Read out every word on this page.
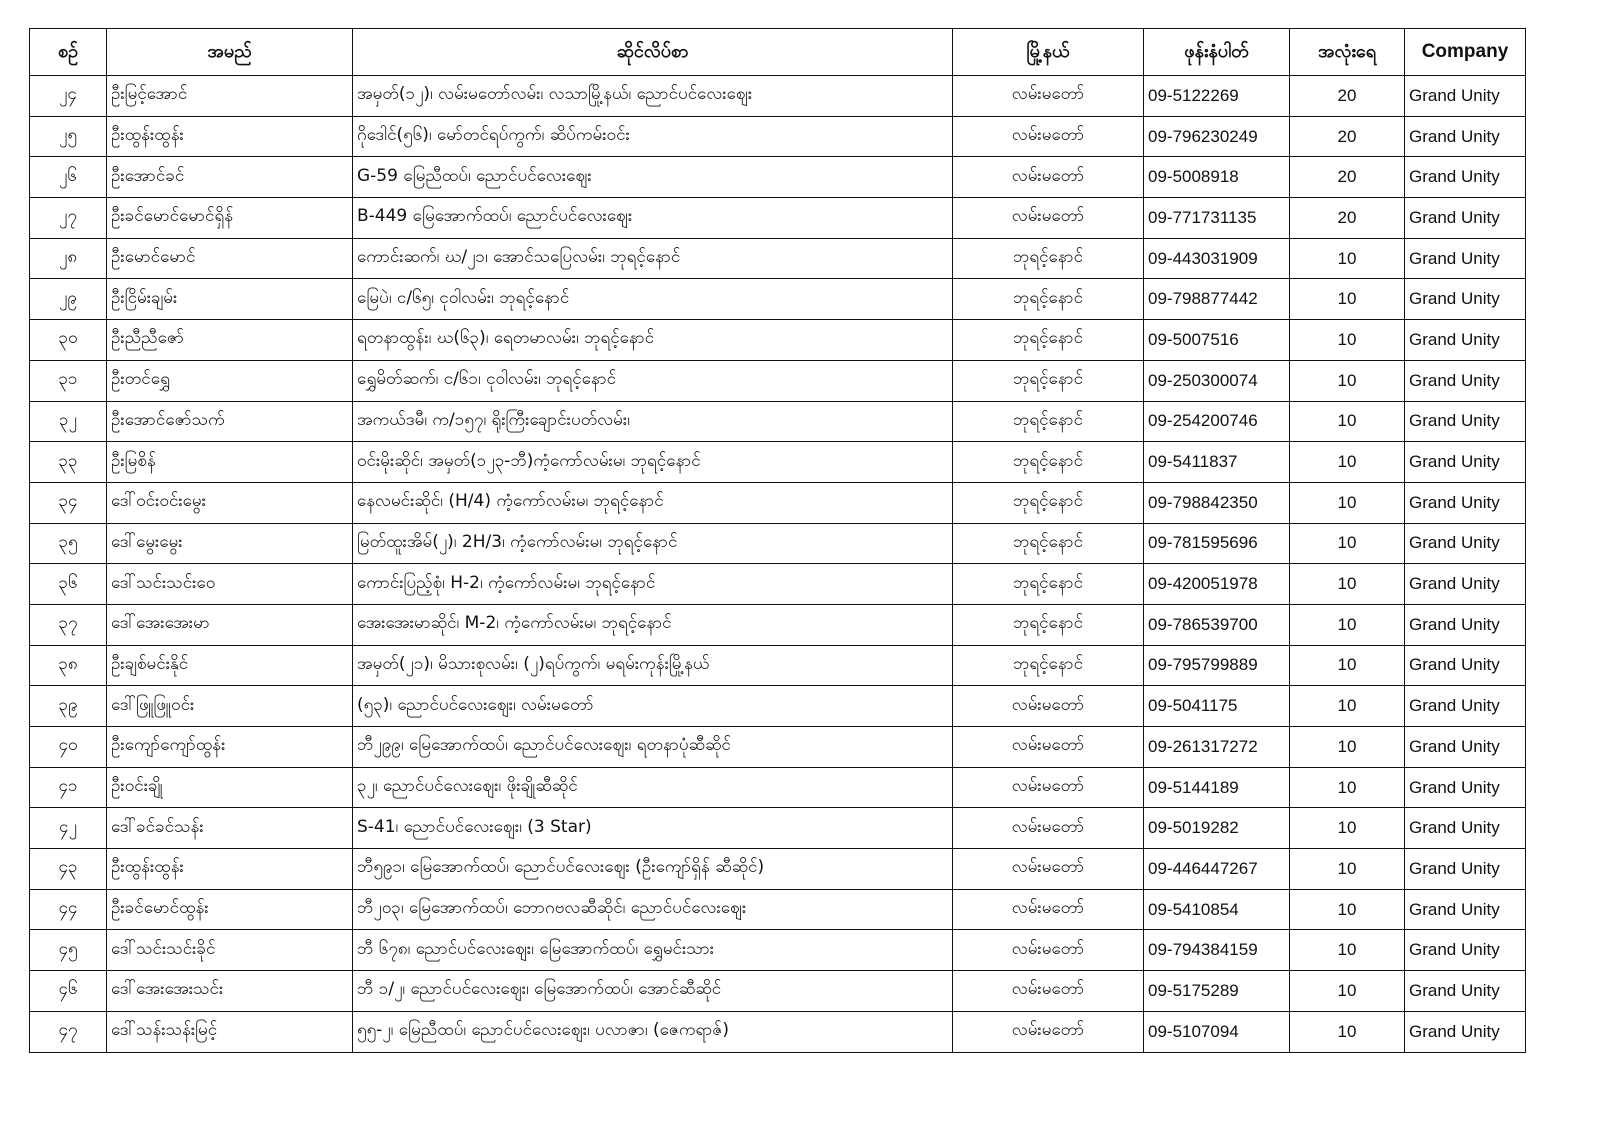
စဥ်	အမည်	ဆိုင်လိပ်စာ	မြို့နယ်	ဖုန်းနံပါတ်	အလုံးရေ	Company
၂၄	ဦးမြင့်အောင်	အမှတ်(၁၂)၊ လမ်းမတော်လမ်း၊ လသာမြို့နယ်၊ ညောင်ပင်လေးဈေး	လမ်းမတော်	09-5122269	20	Grand Unity
၂၅	ဦးထွန်းထွန်း	ဂိုဒေါင်(၅၆)၊ မော်တင်ရပ်ကွက်၊ ဆိပ်ကမ်းဝင်း	လမ်းမတော်	09-796230249	20	Grand Unity
၂၆	ဦးအောင်ခင်	G-59 မြေညီထပ်၊ ညောင်ပင်လေးဈေး	လမ်းမတော်	09-5008918	20	Grand Unity
၂၇	ဦးခင်မောင်မောင်ရှိန်	B-449 မြေအောက်ထပ်၊ ညောင်ပင်လေးဈေး	လမ်းမတော်	09-771731135	20	Grand Unity
၂၈	ဦးမောင်မောင်	ကောင်းဆက်၊ ဃ/၂၁၊ အောင်သပြေလမ်း၊ ဘုရင့်နောင်	ဘုရင့်နောင်	09-443031909	10	Grand Unity
၂၉	ဦးငြိမ်းချမ်း	မြေပဲ၊ င/၆၅၊ ငုဝါလမ်း၊ ဘုရင့်နောင်	ဘုရင့်နောင်	09-798877442	10	Grand Unity
၃၀	ဦးညီညီဇော်	ရတနာထွန်း၊ ဃ(၆၃)၊ ရေတမာလမ်း၊ ဘုရင့်နောင်	ဘုရင့်နောင်	09-5007516	10	Grand Unity
၃၁	ဦးတင်ရွှေ	ရွှေမိတ်ဆက်၊ င/၆၁၊ ငုဝါလမ်း၊ ဘုရင့်နောင်	ဘုရင့်နောင်	09-250300074	10	Grand Unity
၃၂	ဦးအောင်ဇော်သက်	အကယ်ဒမီ၊ က/၁၅၇၊ ရိုးကြီးချောင်းပတ်လမ်း၊	ဘုရင့်နောင်	09-254200746	10	Grand Unity
၃၃	ဦးမြစိန်	ဝင်းမိုးဆိုင်၊ အမှတ်(၁၂၃-ဘီ)ကံ့ကော်လမ်းမ၊ ဘုရင့်နောင်	ဘုရင့်နောင်	09-5411837	10	Grand Unity
၃၄	ဒေါ်ဝင်းဝင်းမွေး	နေလမင်းဆိုင်၊ (H/4) ကံ့ကော်လမ်းမ၊ ဘုရင့်နောင်	ဘုရင့်နောင်	09-798842350	10	Grand Unity
၃၅	ဒေါ်မွေးမွေး	မြတ်ထူးအိမ်(၂)၊ 2H/3၊ ကံ့ကော်လမ်းမ၊ ဘုရင့်နောင်	ဘုရင့်နောင်	09-781595696	10	Grand Unity
၃၆	ဒေါ်သင်းသင်းဝေ	ကောင်းပြည့်စုံ၊ H-2၊ ကံ့ကော်လမ်းမ၊ ဘုရင့်နောင်	ဘုရင့်နောင်	09-420051978	10	Grand Unity
၃၇	ဒေါ်အေးအေးမာ	အေးအေးမာဆိုင်၊ M-2၊ ကံ့ကော်လမ်းမ၊ ဘုရင့်နောင်	ဘုရင့်နောင်	09-786539700	10	Grand Unity
၃၈	ဦးချစ်မင်းနိုင်	အမှတ်(၂၁)၊ မိသားစုလမ်း၊ (၂)ရပ်ကွက်၊ မရမ်းကုန်းမြို့နယ်	ဘုရင့်နောင်	09-795799889	10	Grand Unity
၃၉	ဒေါ်ဖြူဖြူဝင်း	(၅၃)၊ ညောင်ပင်လေးဈေး၊ လမ်းမတော်	လမ်းမတော်	09-5041175	10	Grand Unity
၄၀	ဦးကျော်ကျော်ထွန်း	ဘီ၂၉၉၊ မြေအောက်ထပ်၊ ညောင်ပင်လေးဈေး၊ ရတနာပုံဆီဆိုင်	လမ်းမတော်	09-261317272	10	Grand Unity
၄၁	ဦးဝင်းချို	၃၂၊ ညောင်ပင်လေးဈေး၊ ဖိုးချိုဆီဆိုင်	လမ်းမတော်	09-5144189	10	Grand Unity
၄၂	ဒေါ်ခင်ခင်သန်း	S-41၊ ညောင်ပင်လေးဈေး၊ (3 Star)	လမ်းမတော်	09-5019282	10	Grand Unity
၄၃	ဦးထွန်းထွန်း	ဘီ၅၉၁၊ မြေအောက်ထပ်၊ ညောင်ပင်လေးဈေး (ဦးကျော်ရှိန် ဆီဆိုင်)	လမ်းမတော်	09-446447267	10	Grand Unity
၄၄	ဦးခင်မောင်ထွန်း	ဘီ၂၀၃၊ မြေအောက်ထပ်၊ ဘောဂဗလဆီဆိုင်၊ ညောင်ပင်လေးဈေး	လမ်းမတော်	09-5410854	10	Grand Unity
၄၅	ဒေါ်သင်းသင်းခိုင်	ဘီ ၆၇၈၊ ညောင်ပင်လေးဈေး၊ မြေအောက်ထပ်၊ ရွှေမင်းသား	လမ်းမတော်	09-794384159	10	Grand Unity
၄၆	ဒေါ်အေးအေးသင်း	ဘီ ၁/၂၊ ညောင်ပင်လေးဈေး၊ မြေအောက်ထပ်၊ အောင်ဆီဆိုင်	လမ်းမတော်	09-5175289	10	Grand Unity
၄၇	ဒေါ်သန်းသန်းမြင့်	၅၅-၂၊ မြေညီထပ်၊ ညောင်ပင်လေးဈေး၊ ပလာဇာ၊ (ဇေကရာဇ်)	လမ်းမတော်	09-5107094	10	Grand Unity
